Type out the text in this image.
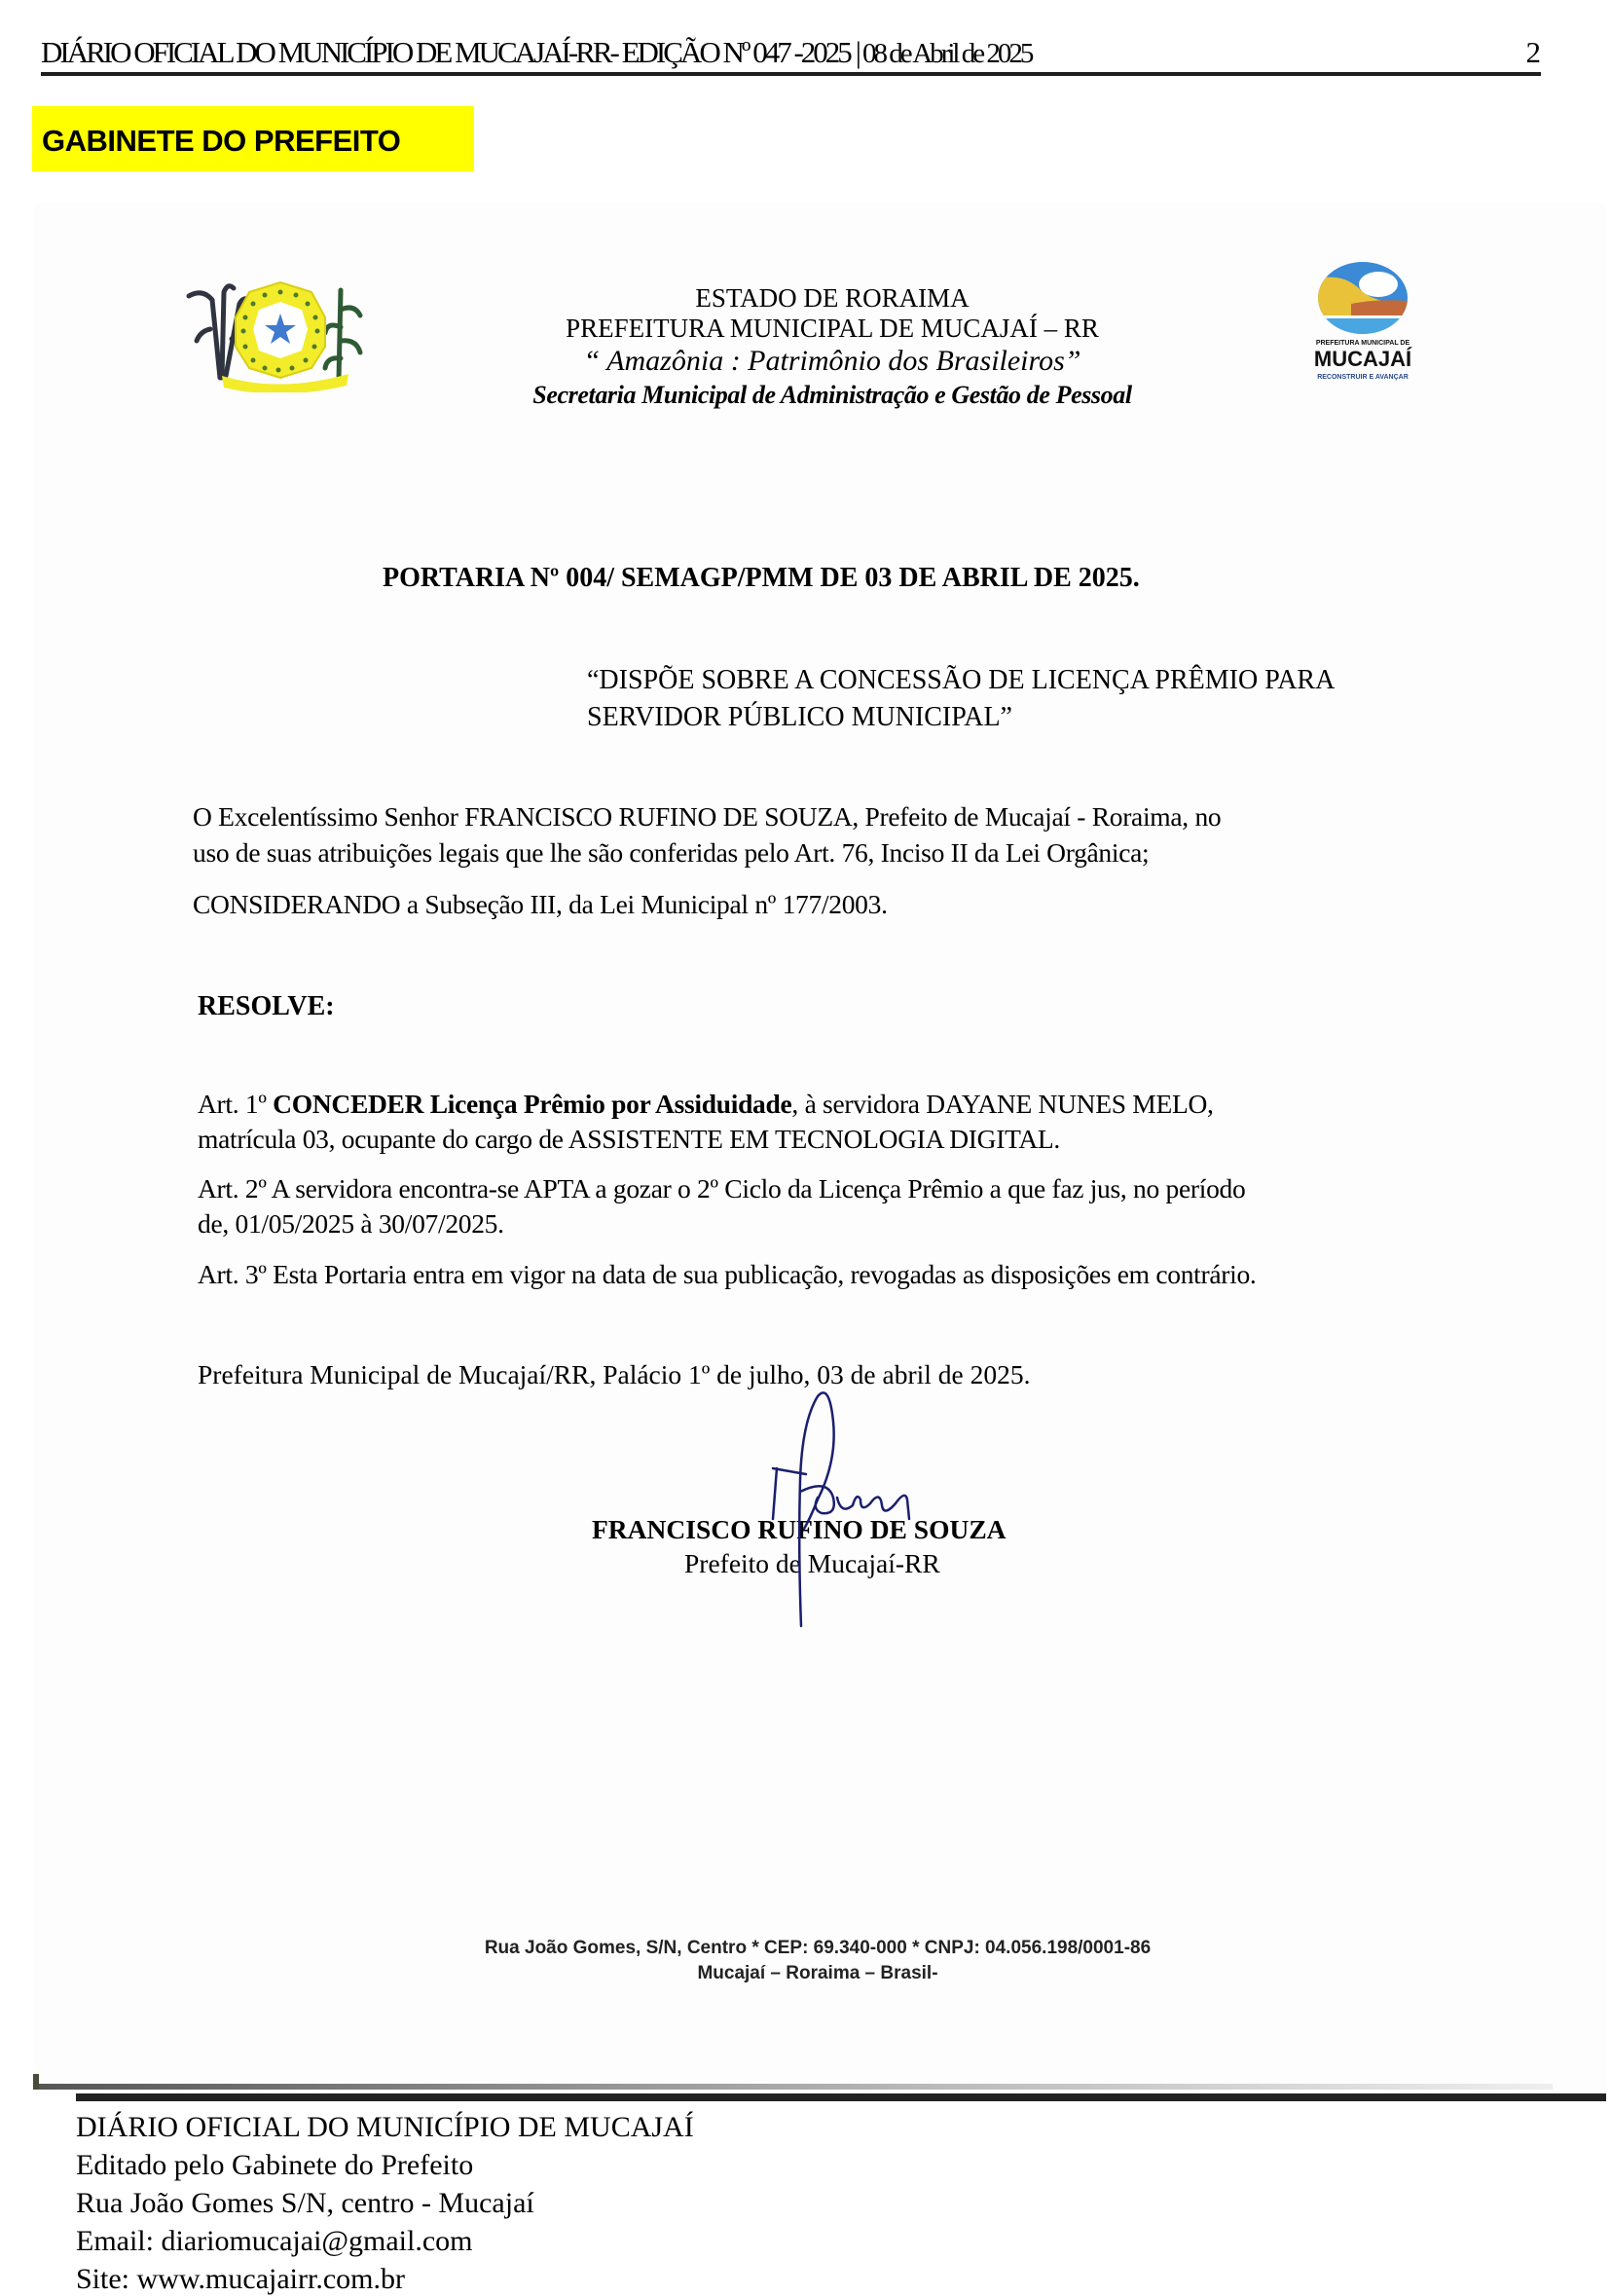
DIÁRIO OFICIAL DO MUNICÍPIO DE MUCAJAÍ-RR- EDIÇÃO Nº 047 -2025 | 08 de Abril de 2025	2
GABINETE DO PREFEITO
ESTADO DE RORAIMA
PREFEITURA MUNICIPAL DE MUCAJAÍ – RR
“ Amazônia : Patrimônio dos Brasileiros”
Secretaria Municipal de Administração e Gestão de Pessoal
PREFEITURA MUNICIPAL DE
MUCAJAÍ
RECONSTRUIR E AVANÇAR
PORTARIA Nº 004/ SEMAGP/PMM DE 03 DE ABRIL DE 2025.
“DISPÕE SOBRE A CONCESSÃO DE LICENÇA PRÊMIO PARA
SERVIDOR PÚBLICO MUNICIPAL”
O Excelentíssimo Senhor FRANCISCO RUFINO DE SOUZA, Prefeito de Mucajaí - Roraima, no
uso de suas atribuições legais que lhe são conferidas pelo Art. 76, Inciso II da Lei Orgânica;
CONSIDERANDO a Subseção III, da Lei Municipal nº 177/2003.
RESOLVE:
Art. 1º CONCEDER Licença Prêmio por Assiduidade, à servidora DAYANE NUNES MELO,
matrícula 03, ocupante do cargo de ASSISTENTE EM TECNOLOGIA DIGITAL.
Art. 2º A servidora encontra-se APTA a gozar o 2º Ciclo da Licença Prêmio a que faz jus, no período
de, 01/05/2025 à 30/07/2025.
Art. 3º Esta Portaria entra em vigor na data de sua publicação, revogadas as disposições em contrário.
Prefeitura Municipal de Mucajaí/RR, Palácio 1º de julho, 03 de abril de 2025.
FRANCISCO RUFINO DE SOUZA
Prefeito de Mucajaí-RR
Rua João Gomes, S/N, Centro * CEP: 69.340-000 * CNPJ: 04.056.198/0001-86
Mucajaí – Roraima – Brasil-
DIÁRIO OFICIAL DO MUNICÍPIO DE MUCAJAÍ
Editado pelo Gabinete do Prefeito
Rua João Gomes S/N, centro - Mucajaí
Email: diariomucajai@gmail.com
Site: www.mucajairr.com.br
